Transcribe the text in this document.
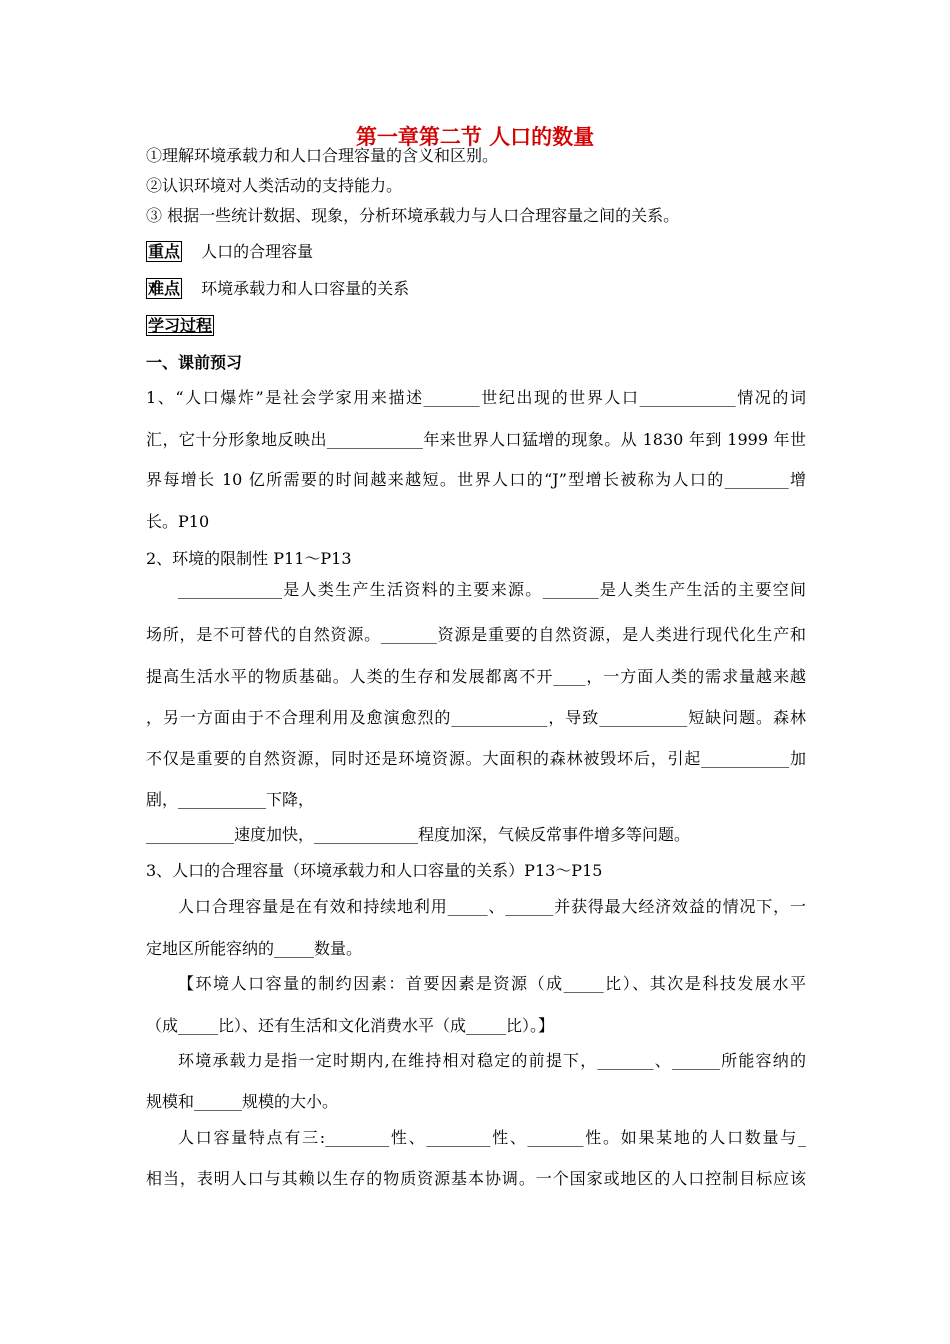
第一章第二节 人口的数量
①理解环境承载力和人口合理容量的含义和区别。
②认识环境对人类活动的支持能力。
③ 根据一些统计数据、现象，分析环境承载力与人口合理容量之间的关系。
重点 人口的合理容量
难点 环境承载力和人口容量的关系
学习过程
一、课前预习
1、“人口爆炸”是社会学家用来描述_______世纪出现的世界人口____________情况的词
汇，它十分形象地反映出____________年来世界人口猛增的现象。从 1830 年到 1999 年世
界每增长 10 亿所需要的时间越来越短。世界人口的“J”型增长被称为人口的________增
长。P10
2、环境的限制性 P11～P13
_____________是人类生产生活资料的主要来源。_______是人类生产生活的主要空间
场所，是不可替代的自然资源。_______资源是重要的自然资源，是人类进行现代化生产和
提高生活水平的物质基础。人类的生存和发展都离不开____，一方面人类的需求量越来越
，另一方面由于不合理利用及愈演愈烈的____________，导致___________短缺问题。森林
不仅是重要的自然资源，同时还是环境资源。大面积的森林被毁坏后，引起___________加
剧，___________下降，
___________速度加快，_____________程度加深，气候反常事件增多等问题。
3、人口的合理容量（环境承载力和人口容量的关系）P13～P15
人口合理容量是在有效和持续地利用_____、______并获得最大经济效益的情况下，一
定地区所能容纳的_____数量。
【环境人口容量的制约因素：首要因素是资源（成_____比）、其次是科技发展水平
（成_____比）、还有生活和文化消费水平（成_____比）。】
环境承载力是指一定时期内,在维持相对稳定的前提下，_______、______所能容纳的
规模和______规模的大小。
人口容量特点有三:________性、________性、_______性。如果某地的人口数量与_
相当，表明人口与其赖以生存的物质资源基本协调。一个国家或地区的人口控制目标应该
